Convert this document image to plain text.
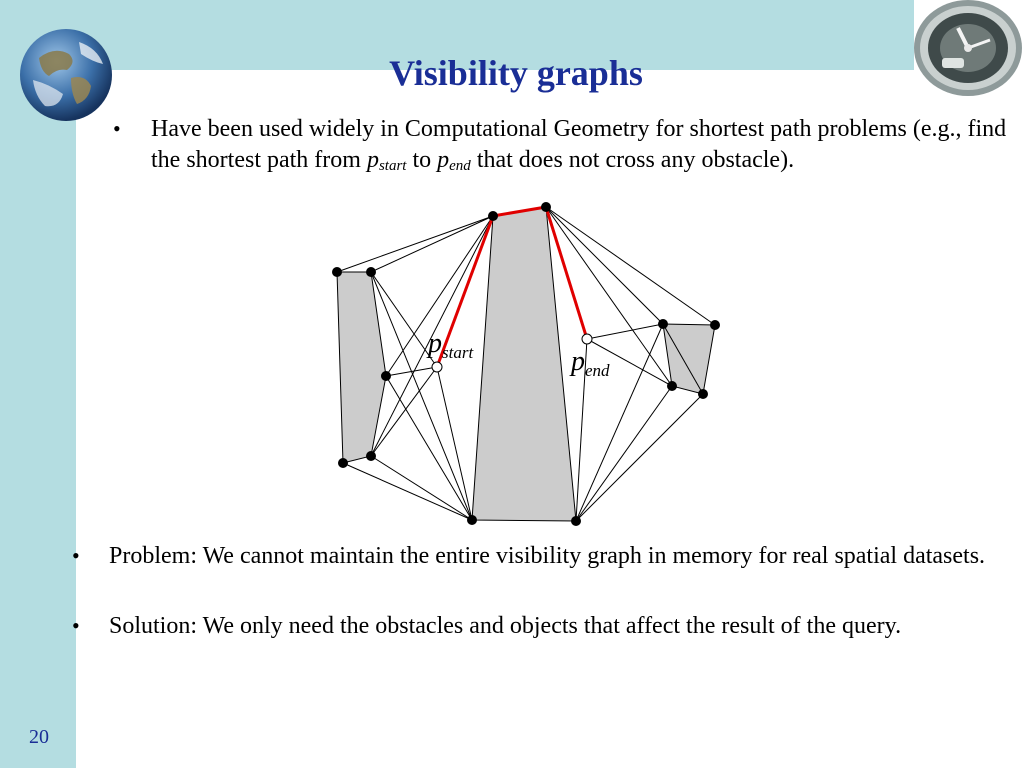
Visibility graphs
• Have been used widely in Computational Geometry for shortest path problems (e.g., find the shortest path from $p_{start}$ to $p_{end}$ that does not cross any obstacle).
pstart	pend
• Problem: We cannot maintain the entire visibility graph in memory for real spatial datasets.
• Solution: We only need the obstacles and objects that affect the result of the query.
20
